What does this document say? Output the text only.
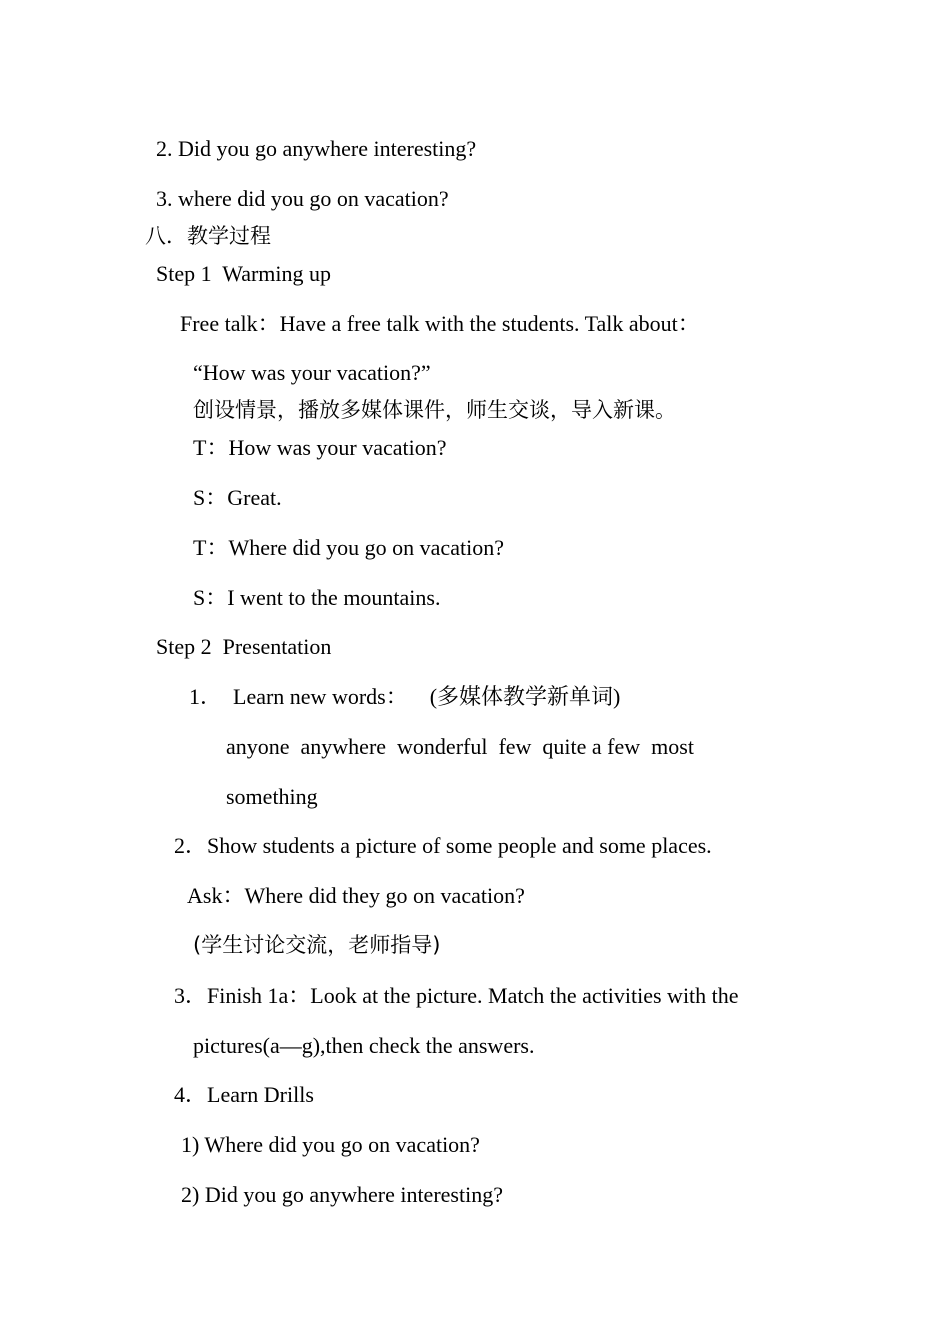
2. Did you go anywhere interesting?
3. where did you go on vacation?
八．教学过程
Step 1  Warming up
Free talk：Have a free talk with the students. Talk about：
“How was your vacation?”
创设情景，播放多媒体课件，师生交谈，导入新课。
T：How was your vacation?
S：Great.
T：Where did you go on vacation?
S：I went to the mountains.
Step 2  Presentation
1．  Learn new words：    (多媒体教学新单词)
anyone  anywhere  wonderful  few  quite a few  most
something
2．Show students a picture of some people and some places.
Ask：Where did they go on vacation?
(学生讨论交流，老师指导)
3．Finish 1a：Look at the picture. Match the activities with the
pictures(a—g),then check the answers.
4．Learn Drills
1) Where did you go on vacation?
2) Did you go anywhere interesting?
